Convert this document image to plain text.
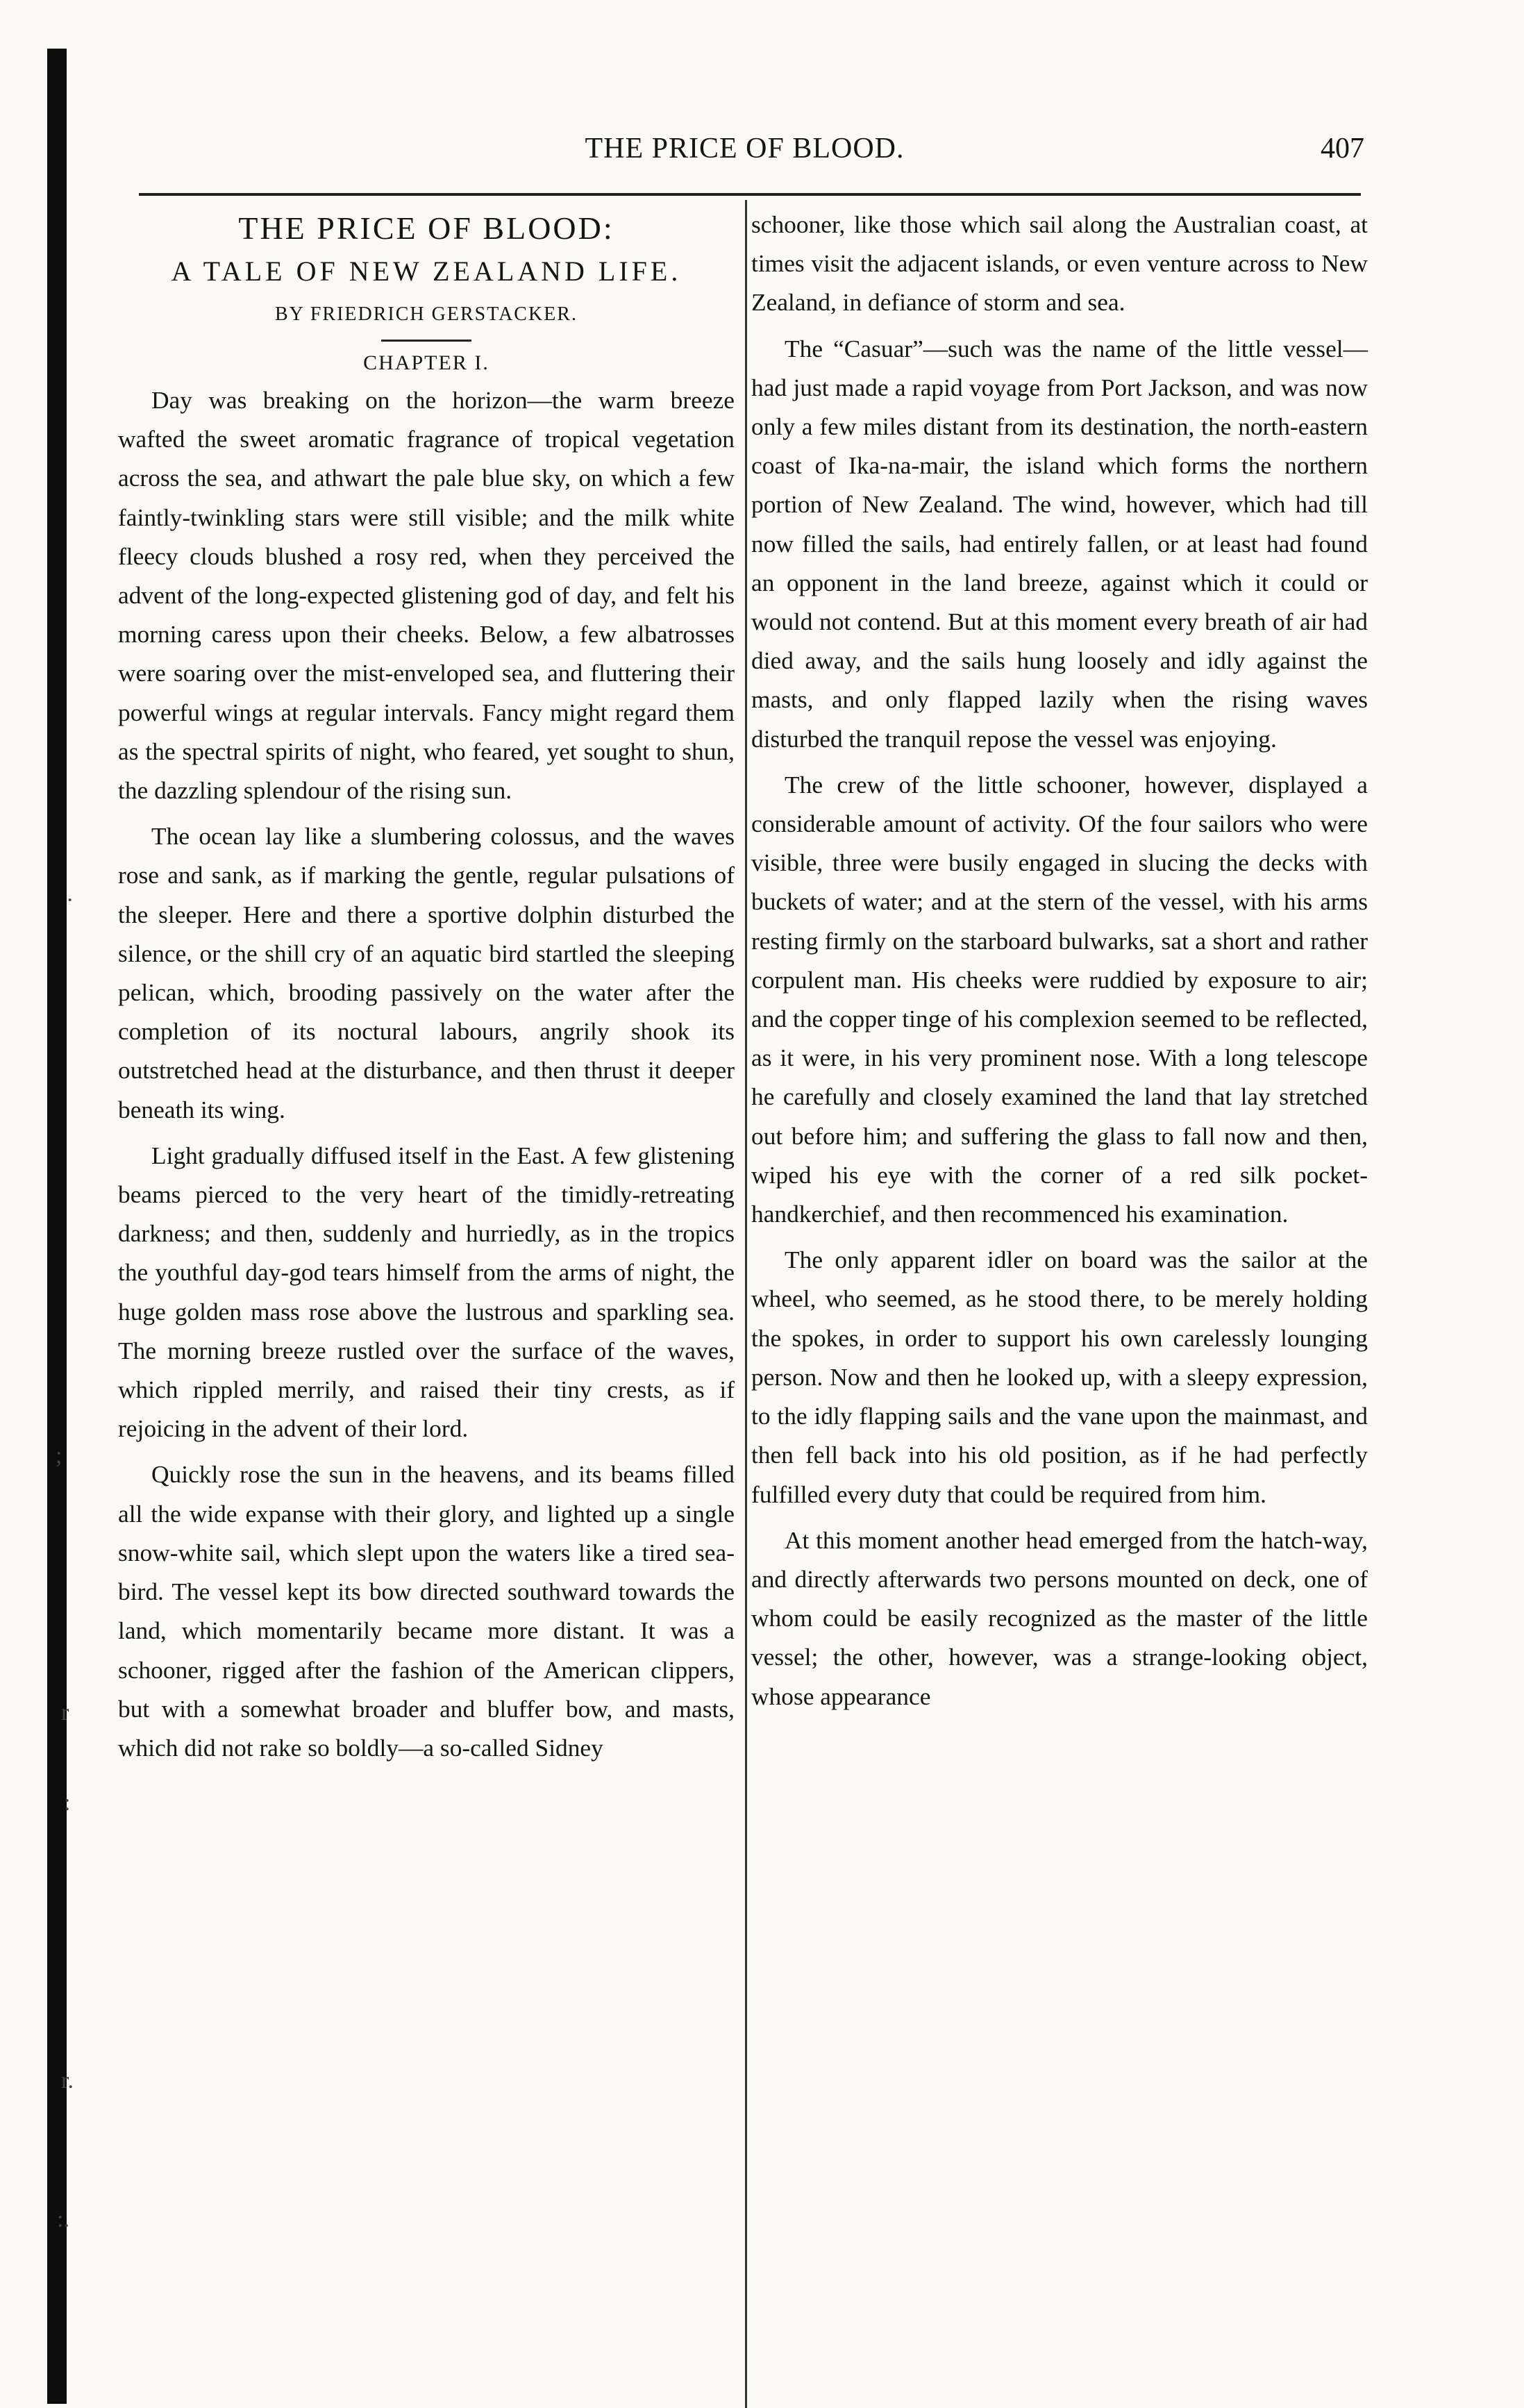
·
;
r
:
r.
:.
THE PRICE OF BLOOD.	407
THE PRICE OF BLOOD:
A TALE OF NEW ZEALAND LIFE.
BY FRIEDRICH GERSTACKER.
CHAPTER I.

Day was breaking on the horizon—the warm breeze wafted the sweet aromatic fragrance of tropical vegetation across the sea, and athwart the pale blue sky, on which a few faintly-twinkling stars were still visible; and the milk white fleecy clouds blushed a rosy red, when they perceived the advent of the long-expected glistening god of day, and felt his morning caress upon their cheeks. Below, a few albatrosses were soaring over the mist-enveloped sea, and fluttering their powerful wings at regular intervals. Fancy might regard them as the spectral spirits of night, who feared, yet sought to shun, the dazzling splendour of the rising sun.

The ocean lay like a slumbering colossus, and the waves rose and sank, as if marking the gentle, regular pulsations of the sleeper. Here and there a sportive dolphin disturbed the silence, or the shill cry of an aquatic bird startled the sleeping pelican, which, brooding passively on the water after the completion of its noctural labours, angrily shook its outstretched head at the disturbance, and then thrust it deeper beneath its wing.

Light gradually diffused itself in the East. A few glistening beams pierced to the very heart of the timidly-retreating darkness; and then, suddenly and hurriedly, as in the tropics the youthful day-god tears himself from the arms of night, the huge golden mass rose above the lustrous and sparkling sea. The morning breeze rustled over the surface of the waves, which rippled merrily, and raised their tiny crests, as if rejoicing in the advent of their lord.

Quickly rose the sun in the heavens, and its beams filled all the wide expanse with their glory, and lighted up a single snow-white sail, which slept upon the waters like a tired sea-bird. The vessel kept its bow directed southward towards the land, which momentarily became more distant. It was a schooner, rigged after the fashion of the American clippers, but with a somewhat broader and bluffer bow, and masts, which did not rake so boldly—a so-called Sidney

schooner, like those which sail along the Australian coast, at times visit the adjacent islands, or even venture across to New Zealand, in defiance of storm and sea.

The “Casuar”—such was the name of the little vessel—had just made a rapid voyage from Port Jackson, and was now only a few miles distant from its destination, the north-eastern coast of Ika-na-mair, the island which forms the northern portion of New Zealand. The wind, however, which had till now filled the sails, had entirely fallen, or at least had found an opponent in the land breeze, against which it could or would not contend. But at this moment every breath of air had died away, and the sails hung loosely and idly against the masts, and only flapped lazily when the rising waves disturbed the tranquil repose the vessel was enjoying.

The crew of the little schooner, however, displayed a considerable amount of activity. Of the four sailors who were visible, three were busily engaged in slucing the decks with buckets of water; and at the stern of the vessel, with his arms resting firmly on the starboard bulwarks, sat a short and rather corpulent man. His cheeks were ruddied by exposure to air; and the copper tinge of his complexion seemed to be reflected, as it were, in his very prominent nose. With a long telescope he carefully and closely examined the land that lay stretched out before him; and suffering the glass to fall now and then, wiped his eye with the corner of a red silk pocket-handkerchief, and then recommenced his examination.

The only apparent idler on board was the sailor at the wheel, who seemed, as he stood there, to be merely holding the spokes, in order to support his own carelessly lounging person. Now and then he looked up, with a sleepy expression, to the idly flapping sails and the vane upon the mainmast, and then fell back into his old position, as if he had perfectly fulfilled every duty that could be required from him.

At this moment another head emerged from the hatch-way, and directly afterwards two persons mounted on deck, one of whom could be easily recognized as the master of the little vessel; the other, however, was a strange-looking object, whose appearance
